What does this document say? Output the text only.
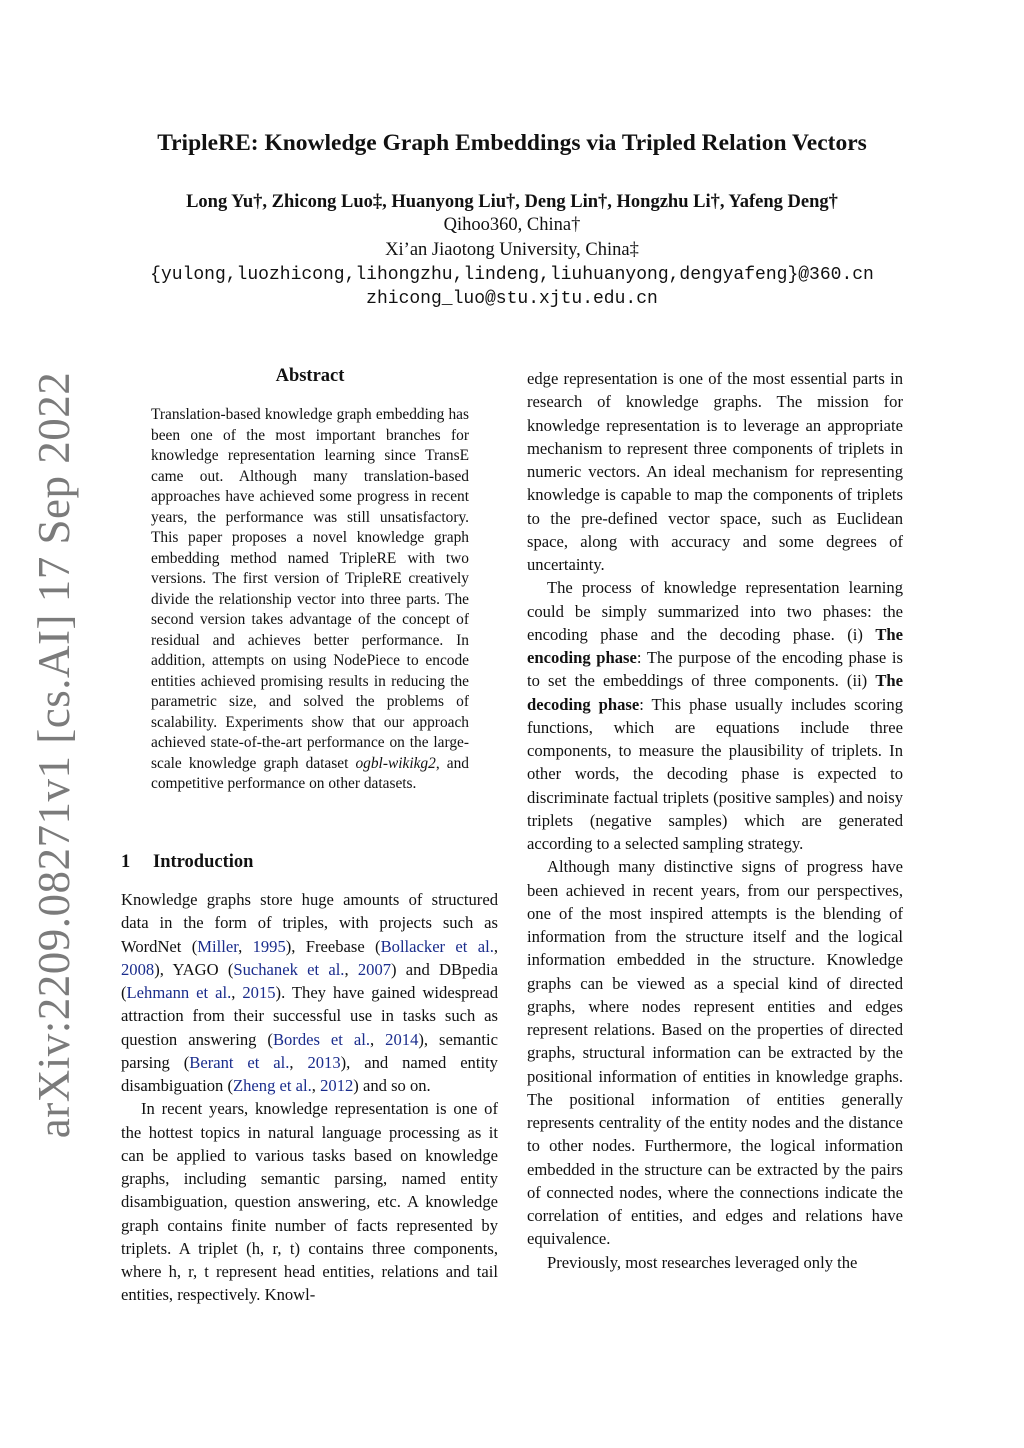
arXiv:2209.08271v1 [cs.AI] 17 Sep 2022
TripleRE: Knowledge Graph Embeddings via Tripled Relation Vectors

Long Yu†, Zhicong Luo‡, Huanyong Liu†, Deng Lin†, Hongzhu Li†, Yafeng Deng†

Qihoo360, China†

Xi’an Jiaotong University, China‡

{yulong,luozhicong,lihongzhu,lindeng,liuhuanyong,dengyafeng}@360.cn

zhicong_luo@stu.xjtu.edu.cn

Abstract

Translation-based knowledge graph embedding has been one of the most important branches for knowledge representation learning since TransE came out. Although many translation-based approaches have achieved some progress in recent years, the performance was still unsatisfactory. This paper proposes a novel knowledge graph embedding method named TripleRE with two versions. The first version of TripleRE creatively divide the relationship vector into three parts. The second version takes advantage of the concept of residual and achieves better performance. In addition, attempts on using NodePiece to encode entities achieved promising results in reducing the parametric size, and solved the problems of scalability. Experiments show that our approach achieved state-of-the-art performance on the large-scale knowledge graph dataset ogbl-wikikg2, and competitive performance on other datasets.

1 Introduction

Knowledge graphs store huge amounts of structured data in the form of triples, with projects such as WordNet (Miller, 1995), Freebase (Bollacker et al., 2008), YAGO (Suchanek et al., 2007) and DBpedia (Lehmann et al., 2015). They have gained widespread attraction from their successful use in tasks such as question answering (Bordes et al., 2014), semantic parsing (Berant et al., 2013), and named entity disambiguation (Zheng et al., 2012) and so on.

In recent years, knowledge representation is one of the hottest topics in natural language processing as it can be applied to various tasks based on knowledge graphs, including semantic parsing, named entity disambiguation, question answering, etc. A knowledge graph contains finite number of facts represented by triplets. A triplet (h, r, t) contains three components, where h, r, t represent head entities, relations and tail entities, respectively. Knowl-

edge representation is one of the most essential parts in research of knowledge graphs. The mission for knowledge representation is to leverage an appropriate mechanism to represent three components of triplets in numeric vectors. An ideal mechanism for representing knowledge is capable to map the components of triplets to the pre-defined vector space, such as Euclidean space, along with accuracy and some degrees of uncertainty.

The process of knowledge representation learning could be simply summarized into two phases: the encoding phase and the decoding phase. (i) The encoding phase: The purpose of the encoding phase is to set the embeddings of three components. (ii) The decoding phase: This phase usually includes scoring functions, which are equations include three components, to measure the plausibility of triplets. In other words, the decoding phase is expected to discriminate factual triplets (positive samples) and noisy triplets (negative samples) which are generated according to a selected sampling strategy.

Although many distinctive signs of progress have been achieved in recent years, from our perspectives, one of the most inspired attempts is the blending of information from the structure itself and the logical information embedded in the structure. Knowledge graphs can be viewed as a special kind of directed graphs, where nodes represent entities and edges represent relations. Based on the properties of directed graphs, structural information can be extracted by the positional information of entities in knowledge graphs. The positional information of entities generally represents centrality of the entity nodes and the distance to other nodes. Furthermore, the logical information embedded in the structure can be extracted by the pairs of connected nodes, where the connections indicate the correlation of entities, and edges and relations have equivalence.

Previously, most researches leveraged only the
